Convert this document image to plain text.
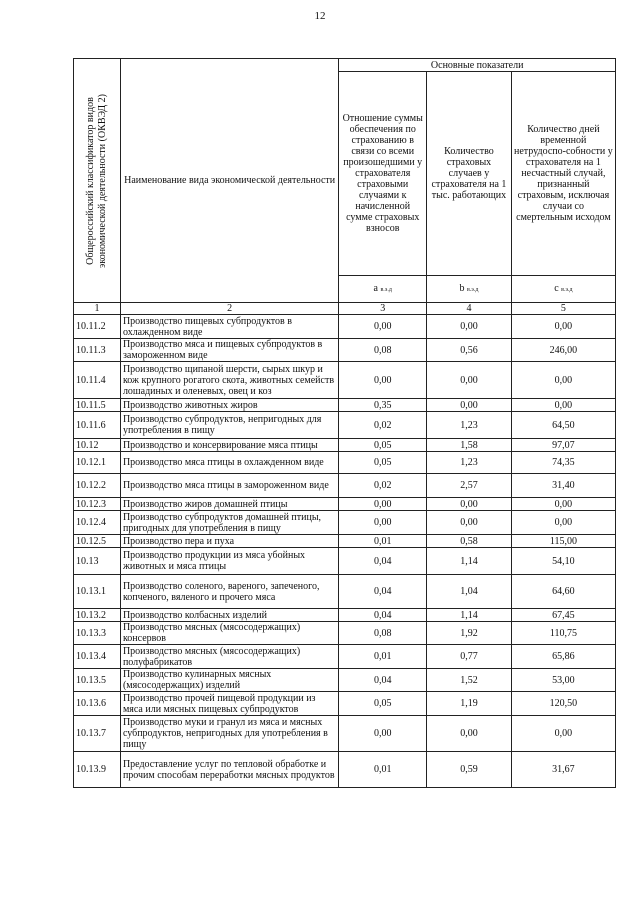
12
Общероссийский классификатор видов экономической деятельности (ОКВЭД 2)	Наименование вида экономической деятельности	Основные показатели		
		Отношение суммы обеспечения по страхованию в связи со всеми произошедшими у страхователя страховыми случаями к начисленной сумме страховых взносов	Количество страховых случаев у страхователя на 1 тыс. работающих	Количество дней временной нетрудоспо-собности у страхователя на 1 несчастный случай, признанный страховым, исключая случаи со смертельным исходом
		a в.э.д	b в.э.д	c в.э.д
1	2	3	4	5
10.11.2	Производство пищевых субпродуктов в охлажденном виде	0,00	0,00	0,00
10.11.3	Производство мяса и пищевых субпродуктов в замороженном виде	0,08	0,56	246,00
10.11.4	Производство щипаной шерсти, сырых шкур и кож крупного рогатого скота, животных семейств лошадиных и оленевых, овец и коз	0,00	0,00	0,00
10.11.5	Производство животных жиров	0,35	0,00	0,00
10.11.6	Производство субпродуктов, непригодных для употребления в пищу	0,02	1,23	64,50
10.12	Производство и консервирование мяса птицы	0,05	1,58	97,07
10.12.1	Производство мяса птицы в охлажденном виде	0,05	1,23	74,35
10.12.2	Производство мяса птицы в замороженном виде	0,02	2,57	31,40
10.12.3	Производство жиров домашней птицы	0,00	0,00	0,00
10.12.4	Производство субпродуктов домашней птицы, пригодных для употребления в пищу	0,00	0,00	0,00
10.12.5	Производство пера и пуха	0,01	0,58	115,00
10.13	Производство продукции из мяса убойных животных и мяса птицы	0,04	1,14	54,10
10.13.1	Производство соленого, вареного, запеченого, копченого, вяленого и прочего мяса	0,04	1,04	64,60
10.13.2	Производство колбасных изделий	0,04	1,14	67,45
10.13.3	Производство мясных (мясосодержащих) консервов	0,08	1,92	110,75
10.13.4	Производство мясных (мясосодержащих) полуфабрикатов	0,01	0,77	65,86
10.13.5	Производство кулинарных мясных (мясосодержащих) изделий	0,04	1,52	53,00
10.13.6	Производство прочей пищевой продукции из мяса или мясных пищевых субпродуктов	0,05	1,19	120,50
10.13.7	Производство муки и гранул из мяса и мясных субпродуктов, непригодных для употребления в пищу	0,00	0,00	0,00
10.13.9	Предоставление услуг по тепловой обработке и прочим способам переработки мясных продуктов	0,01	0,59	31,67
